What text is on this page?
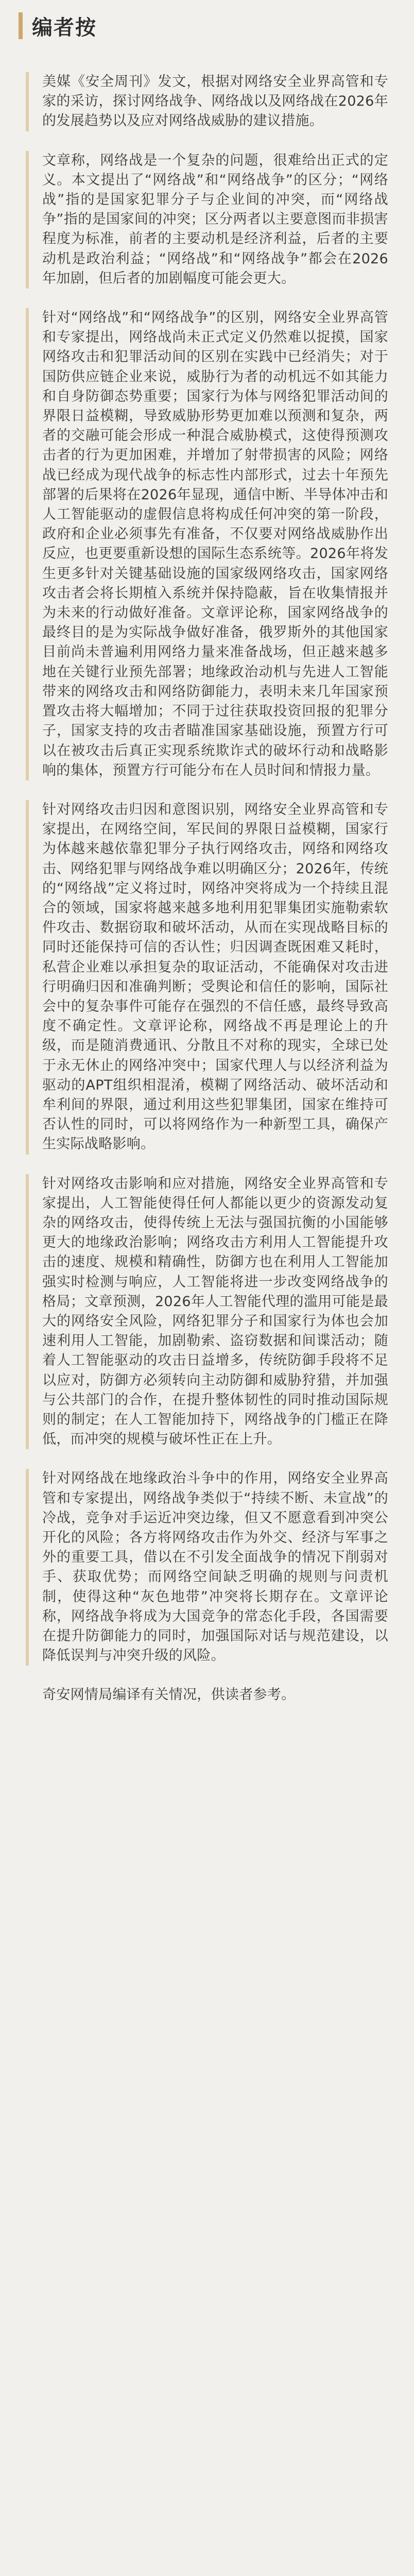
编者按

美媒《安全周刊》发文，根据对网络安全业界高管和专家的采访，探讨网络战争、网络战以及网络战在2026年的发展趋势以及应对网络战威胁的建议措施。

文章称，网络战是一个复杂的问题，很难给出正式的定义。本文提出了“网络战”和“网络战争”的区分；“网络战”指的是国家犯罪分子与企业间的冲突，而“网络战争”指的是国家间的冲突；区分两者以主要意图而非损害程度为标准，前者的主要动机是经济利益，后者的主要动机是政治利益；“网络战”和“网络战争”都会在2026年加剧，但后者的加剧幅度可能会更大。

针对“网络战”和“网络战争”的区别，网络安全业界高管和专家提出，网络战尚未正式定义仍然难以捉摸，国家网络攻击和犯罪活动间的区别在实践中已经消失；对于国防供应链企业来说，威胁行为者的动机远不如其能力和自身防御态势重要；国家行为体与网络犯罪活动间的界限日益模糊，导致威胁形势更加难以预测和复杂，两者的交融可能会形成一种混合威胁模式，这使得预测攻击者的行为更加困难，并增加了射带损害的风险；网络战已经成为现代战争的标志性内部形式，过去十年预先部署的后果将在2026年显现，通信中断、半导体冲击和人工智能驱动的虚假信息将构成任何冲突的第一阶段，政府和企业必须事先有准备，不仅要对网络战威胁作出反应，也更要重新设想的国际生态系统等。2026年将发生更多针对关键基础设施的国家级网络攻击，国家网络攻击者会将长期植入系统并保持隐蔽，旨在收集情报并为未来的行动做好准备。文章评论称，国家网络战争的最终目的是为实际战争做好准备，俄罗斯外的其他国家目前尚未普遍利用网络力量来准备战场，但正越来越多地在关键行业预先部署；地缘政治动机与先进人工智能带来的网络攻击和网络防御能力，表明未来几年国家预置攻击将大幅增加；不同于过往获取投资回报的犯罪分子，国家支持的攻击者瞄准国家基础设施，预置方行可以在被攻击后真正实现系统欺诈式的破坏行动和战略影响的集体，预置方行可能分布在人员时间和情报力量。

针对网络攻击归因和意图识别，网络安全业界高管和专家提出，在网络空间，军民间的界限日益模糊，国家行为体越来越依靠犯罪分子执行网络攻击，网络和网络攻击、网络犯罪与网络战争难以明确区分；2026年，传统的“网络战”定义将过时，网络冲突将成为一个持续且混合的领域，国家将越来越多地利用犯罪集团实施勒索软件攻击、数据窃取和破坏活动，从而在实现战略目标的同时还能保持可信的否认性；归因调查既困难又耗时，私营企业难以承担复杂的取证活动，不能确保对攻击进行明确归因和准确判断；受舆论和信任的影响，国际社会中的复杂事件可能存在强烈的不信任感，最终导致高度不确定性。文章评论称，网络战不再是理论上的升级，而是随消费通讯、分散且不对称的现实，全球已处于永无休止的网络冲突中；国家代理人与以经济利益为驱动的APT组织相混淆，模糊了网络活动、破坏活动和牟利间的界限，通过利用这些犯罪集团，国家在维持可否认性的同时，可以将网络作为一种新型工具，确保产生实际战略影响。

针对网络攻击影响和应对措施，网络安全业界高管和专家提出，人工智能使得任何人都能以更少的资源发动复杂的网络攻击，使得传统上无法与强国抗衡的小国能够更大的地缘政治影响；网络攻击方利用人工智能提升攻击的速度、规模和精确性，防御方也在利用人工智能加强实时检测与响应，人工智能将进一步改变网络战争的格局；文章预测，2026年人工智能代理的滥用可能是最大的网络安全风险，网络犯罪分子和国家行为体也会加速利用人工智能，加剧勒索、盗窃数据和间谍活动；随着人工智能驱动的攻击日益增多，传统防御手段将不足以应对，防御方必须转向主动防御和威胁狩猎，并加强与公共部门的合作，在提升整体韧性的同时推动国际规则的制定；在人工智能加持下，网络战争的门槛正在降低，而冲突的规模与破坏性正在上升。

针对网络战在地缘政治斗争中的作用，网络安全业界高管和专家提出，网络战争类似于“持续不断、未宣战”的冷战，竞争对手运近冲突边缘，但又不愿意看到冲突公开化的风险；各方将网络攻击作为外交、经济与军事之外的重要工具，借以在不引发全面战争的情况下削弱对手、获取优势；而网络空间缺乏明确的规则与问责机制，使得这种“灰色地带”冲突将长期存在。文章评论称，网络战争将成为大国竞争的常态化手段，各国需要在提升防御能力的同时，加强国际对话与规范建设，以降低误判与冲突升级的风险。

奇安网情局编译有关情况，供读者参考。
